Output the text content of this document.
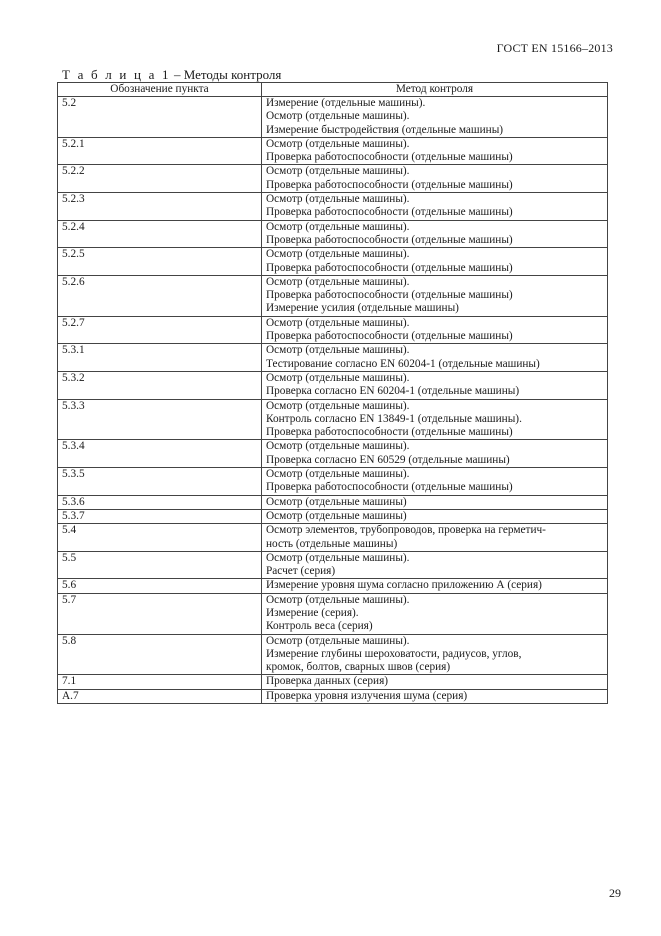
ГОСТ EN 15166–2013
Т а б л и ц а 1 – Методы контроля
Обозначение пункта	Метод контроля
5.2	Измерение (отдельные машины).
Осмотр (отдельные машины).
Измерение быстродействия (отдельные машины)

5.2.1	Осмотр (отдельные машины).
Проверка работоспособности (отдельные машины)

5.2.2	Осмотр (отдельные машины).
Проверка работоспособности (отдельные машины)

5.2.3	Осмотр (отдельные машины).
Проверка работоспособности (отдельные машины)

5.2.4	Осмотр (отдельные машины).
Проверка работоспособности (отдельные машины)

5.2.5	Осмотр (отдельные машины).
Проверка работоспособности (отдельные машины)

5.2.6	Осмотр (отдельные машины).
Проверка работоспособности (отдельные машины)
Измерение усилия (отдельные машины)

5.2.7	Осмотр (отдельные машины).
Проверка работоспособности (отдельные машины)

5.3.1	Осмотр (отдельные машины).
Тестирование согласно EN 60204-1 (отдельные машины)

5.3.2	Осмотр (отдельные машины).
Проверка согласно EN 60204-1 (отдельные машины)

5.3.3	Осмотр (отдельные машины).
Контроль согласно EN 13849-1 (отдельные машины).
Проверка работоспособности (отдельные машины)

5.3.4	Осмотр (отдельные машины).
Проверка согласно EN 60529 (отдельные машины)

5.3.5	Осмотр (отдельные машины).
Проверка работоспособности (отдельные машины)

5.3.6	Осмотр (отдельные машины)

5.3.7	Осмотр (отдельные машины)

5.4	Осмотр элементов, трубопроводов, проверка на герметич-
ность (отдельные машины)

5.5	Осмотр (отдельные машины).
Расчет (серия)

5.6	Измерение уровня шума согласно приложению А (серия)

5.7	Осмотр (отдельные машины).
Измерение (серия).
Контроль веса (серия)

5.8	Осмотр (отдельные машины).
Измерение глубины шероховатости, радиусов, углов,
кромок, болтов, сварных швов (серия)

7.1	Проверка данных (серия)

А.7	Проверка уровня излучения шума (серия)
29
